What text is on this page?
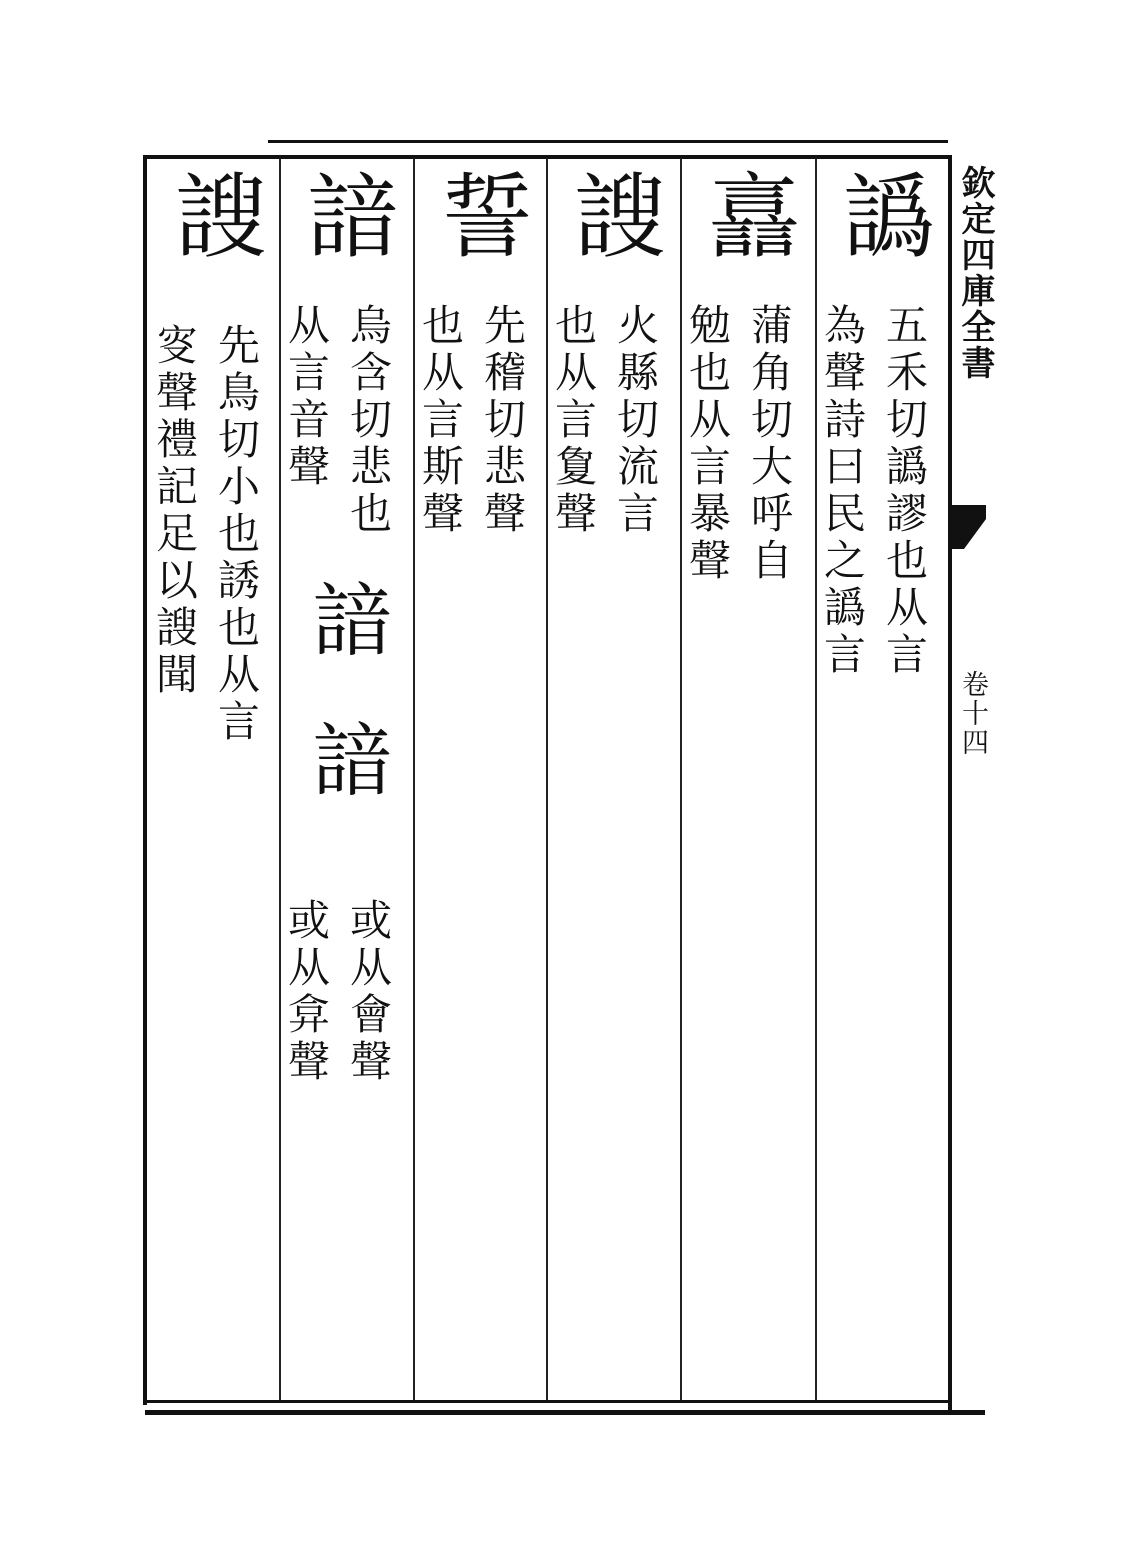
欽定四庫全書
卷十四
譌
五禾切譌謬也从言
為聲詩曰民之譌言
譶
蒲角切大呼自
勉也从言暴聲
謏
火縣切流言
也从言夐聲
誓
先稽切悲聲
也从言斯聲
諳
烏含切悲也
从言音聲
諳
諳
或从會聲
或从弇聲
謏
先鳥切小也誘也从言
叜聲禮記足以謏聞
